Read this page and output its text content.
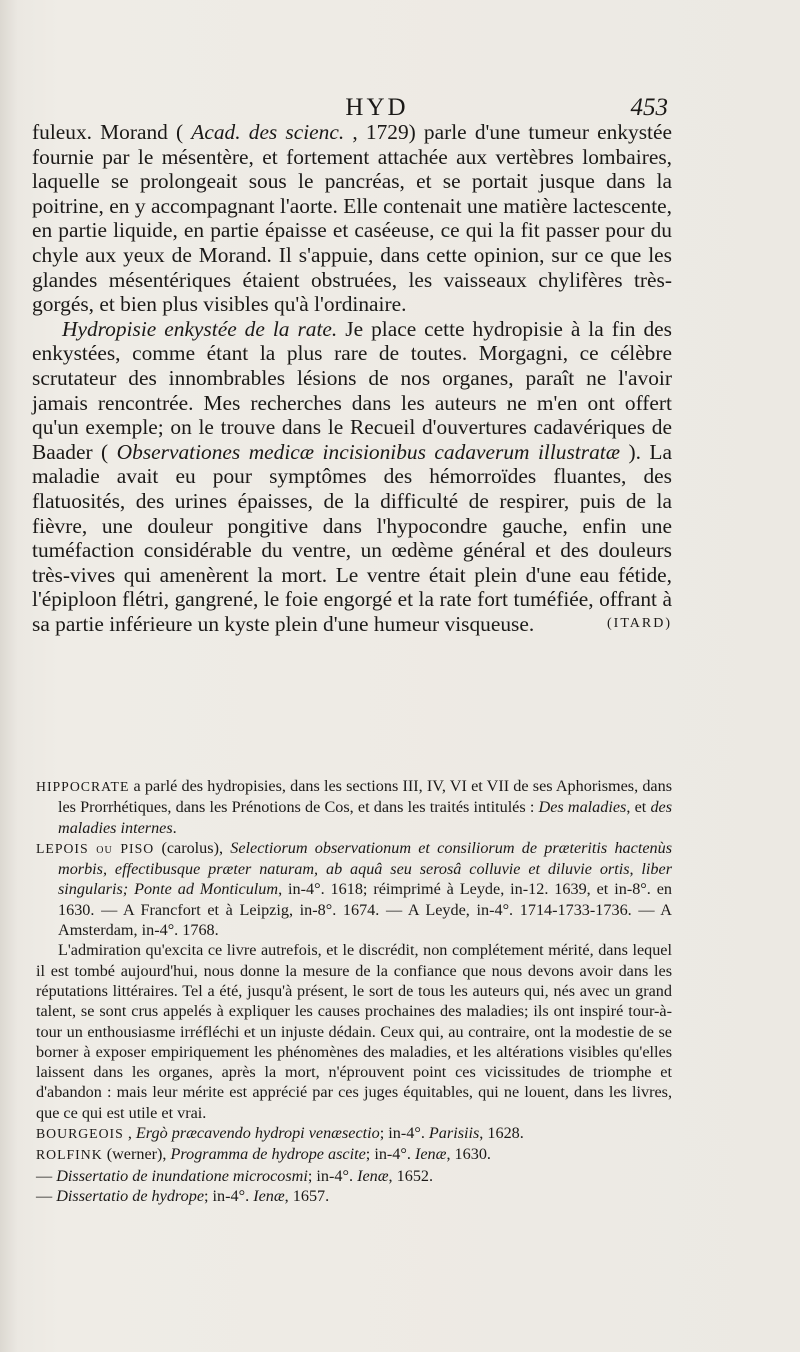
HYD	453

fuleux. Morand ( Acad. des scienc. , 1729) parle d'une tumeur enkystée fournie par le mésentère, et fortement attachée aux vertèbres lombaires, laquelle se prolongeait sous le pancréas, et se portait jusque dans la poitrine, en y accompagnant l'aorte. Elle contenait une matière lactescente, en partie liquide, en partie épaisse et caséeuse, ce qui la fit passer pour du chyle aux yeux de Morand. Il s'appuie, dans cette opinion, sur ce que les glandes mésentériques étaient obstruées, les vaisseaux chylifères très-gorgés, et bien plus visibles qu'à l'ordinaire.

Hydropisie enkystée de la rate. Je place cette hydropisie à la fin des enkystées, comme étant la plus rare de toutes. Morgagni, ce célèbre scrutateur des innombrables lésions de nos organes, paraît ne l'avoir jamais rencontrée. Mes recherches dans les auteurs ne m'en ont offert qu'un exemple; on le trouve dans le Recueil d'ouvertures cadavériques de Baader ( Observationes medicæ incisionibus cadaverum illustratæ ). La maladie avait eu pour symptômes des hémorroïdes fluantes, des flatuosités, des urines épaisses, de la difficulté de respirer, puis de la fièvre, une douleur pongitive dans l'hypocondre gauche, enfin une tuméfaction considérable du ventre, un œdème général et des douleurs très-vives qui amenèrent la mort. Le ventre était plein d'une eau fétide, l'épiploon flétri, gangrené, le foie engorgé et la rate fort tuméfiée, offrant à sa partie inférieure un kyste plein d'une humeur visqueuse.	(ITARD)

HIPPOCRATE a parlé des hydropisies, dans les sections III, IV, VI et VII de ses Aphorismes, dans les Prorrhétiques, dans les Prénotions de Cos, et dans les traités intitulés : Des maladies, et des maladies internes.

LEPOIS ou PISO (carolus), Selectiorum observationum et consiliorum de præteritis hactenùs morbis, effectibusque præter naturam, ab aquâ seu serosâ colluvie et diluvie ortis, liber singularis; Ponte ad Monticulum, in-4°. 1618; réimprimé à Leyde, in-12. 1639, et in-8°. en 1630. — A Francfort et à Leipzig, in-8°. 1674. — A Leyde, in-4°. 1714-1733-1736. — A Amsterdam, in-4°. 1768.

L'admiration qu'excita ce livre autrefois, et le discrédit, non complétement mérité, dans lequel il est tombé aujourd'hui, nous donne la mesure de la confiance que nous devons avoir dans les réputations littéraires. Tel a été, jusqu'à présent, le sort de tous les auteurs qui, nés avec un grand talent, se sont crus appelés à expliquer les causes prochaines des maladies; ils ont inspiré tour-à-tour un enthousiasme irréfléchi et un injuste dédain. Ceux qui, au contraire, ont la modestie de se borner à exposer empiriquement les phénomènes des maladies, et les altérations visibles qu'elles laissent dans les organes, après la mort, n'éprouvent point ces vicissitudes de triomphe et d'abandon : mais leur mérite est apprécié par ces juges équitables, qui ne louent, dans les livres, que ce qui est utile et vrai.

BOURGEOIS , Ergò præcavendo hydropi venæsectio; in-4°. Parisiis, 1628.

ROLFINK (werner), Programma de hydrope ascite; in-4°. Ienæ, 1630.

— Dissertatio de inundatione microcosmi; in-4°. Ienæ, 1652.

— Dissertatio de hydrope; in-4°. Ienæ, 1657.
